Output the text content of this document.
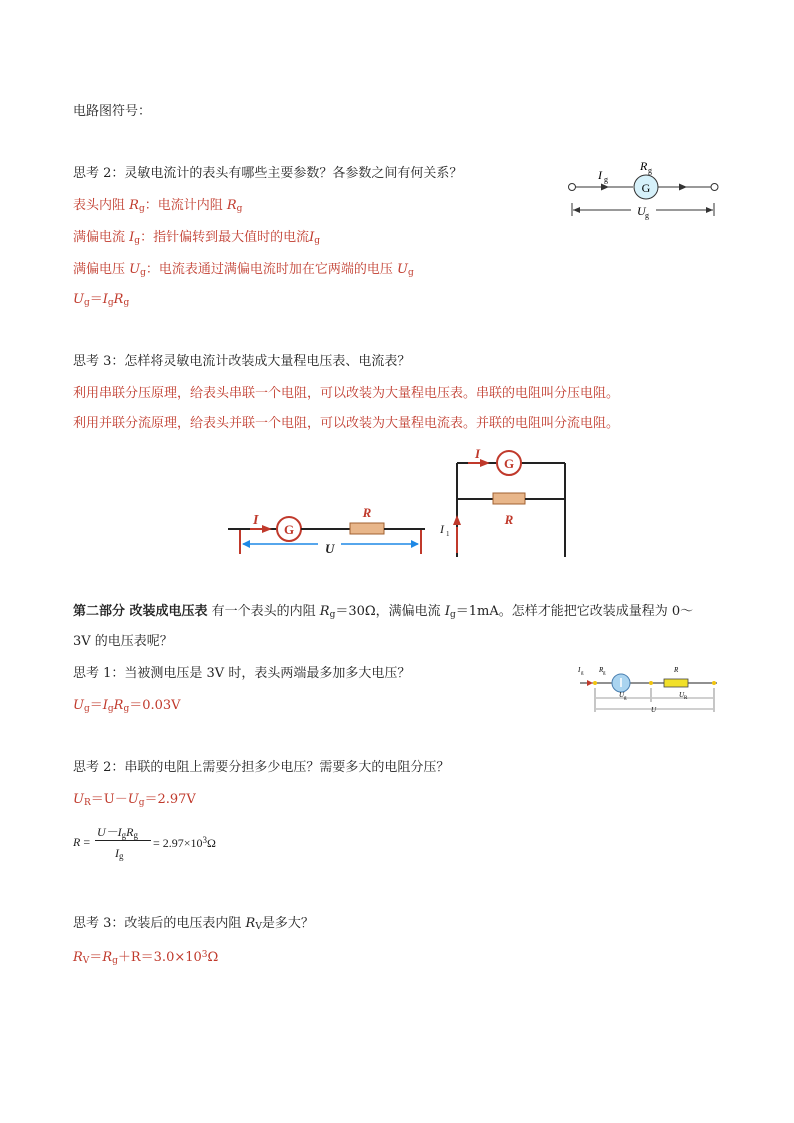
电路图符号：
思考 2：灵敏电流计的表头有哪些主要参数？各参数之间有何关系？
表头内阻 $R_g$：电流计内阻 $R_g$
满偏电流 $I_g$：指针偏转到最大值时的电流$I_g$
满偏电压 $U_g$：电流表通过满偏电流时加在它两端的电压 $U_g$
$U_g=I_gR_g$
G
I g
R g
U g
思考 3：怎样将灵敏电流计改装成大量程电压表、电流表？
利用串联分压原理，给表头串联一个电阻，可以改装为大量程电压表。串联的电阻叫分压电阻。
利用并联分流原理，给表头并联一个电阻，可以改装为大量程电流表。并联的电阻叫分流电阻。
I
G
R
U
I
G
R
I 1
第二部分 改装成电压表 有一个表头的内阻 $R_g=30\Omega$，满偏电流 $I_g=1mA$。怎样才能把它改装成量程为 0～
3V 的电压表呢？
思考 1：当被测电压是 3V 时，表头两端最多加多大电压？
$U_g=I_gR_g=0.03V$
I g R g	R
U g	U R
U
思考 2：串联的电阻上需要分担多少电压？需要多大的电阻分压？
$U_R=U-U_g=2.97V$
R =
$U-I_gR_g$
$I_g$
= $2.97\times 10^3\Omega$
思考 3：改装后的电压表内阻 $R_V$是多大？
$R_V=R_g+R=3.0\times 10^3\Omega$
